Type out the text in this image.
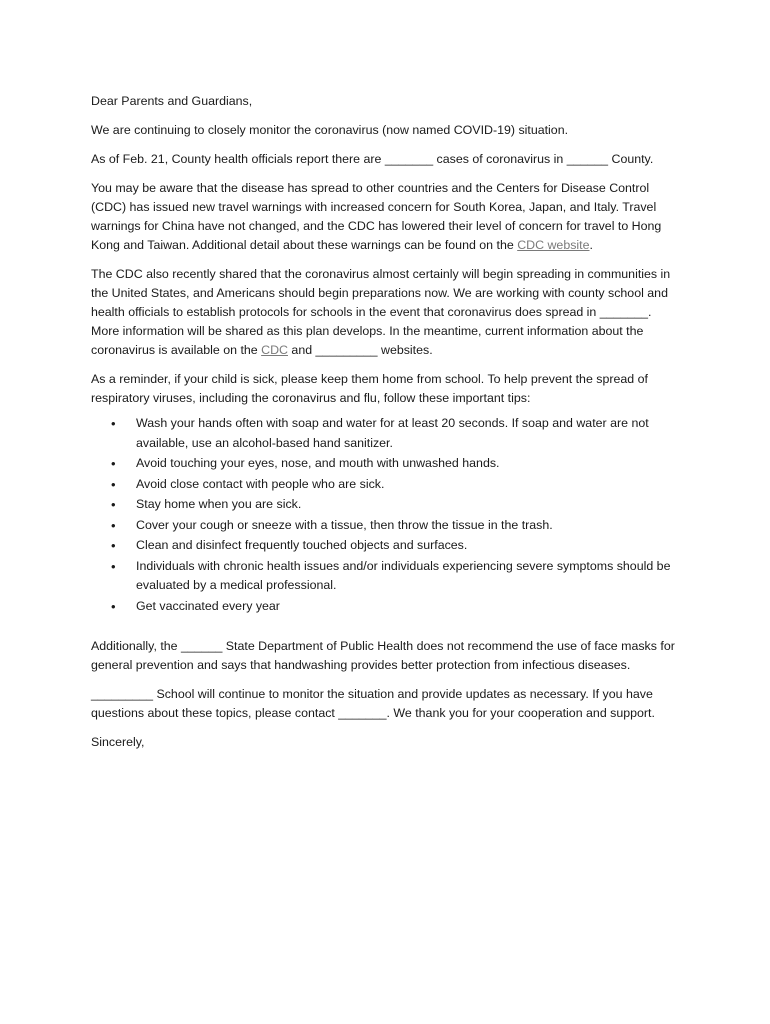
Dear Parents and Guardians,

We are continuing to closely monitor the coronavirus (now named COVID-19) situation.

As of Feb. 21, County health officials report there are _______ cases of coronavirus in ______ County.

You may be aware that the disease has spread to other countries and the Centers for Disease Control (CDC) has issued new travel warnings with increased concern for South Korea, Japan, and Italy. Travel warnings for China have not changed, and the CDC has lowered their level of concern for travel to Hong Kong and Taiwan. Additional detail about these warnings can be found on the CDC website.

The CDC also recently shared that the coronavirus almost certainly will begin spreading in communities in the United States, and Americans should begin preparations now. We are working with county school and health officials to establish protocols for schools in the event that coronavirus does spread in _______. More information will be shared as this plan develops. In the meantime, current information about the coronavirus is available on the CDC and _________ websites.

As a reminder, if your child is sick, please keep them home from school. To help prevent the spread of respiratory viruses, including the coronavirus and flu, follow these important tips:

• Wash your hands often with soap and water for at least 20 seconds. If soap and water are not available, use an alcohol-based hand sanitizer.
• Avoid touching your eyes, nose, and mouth with unwashed hands.
• Avoid close contact with people who are sick.
• Stay home when you are sick.
• Cover your cough or sneeze with a tissue, then throw the tissue in the trash.
• Clean and disinfect frequently touched objects and surfaces.
• Individuals with chronic health issues and/or individuals experiencing severe symptoms should be evaluated by a medical professional.
• Get vaccinated every year

Additionally, the ______ State Department of Public Health does not recommend the use of face masks for general prevention and says that handwashing provides better protection from infectious diseases.

_________ School will continue to monitor the situation and provide updates as necessary. If you have questions about these topics, please contact _______. We thank you for your cooperation and support.

Sincerely,
